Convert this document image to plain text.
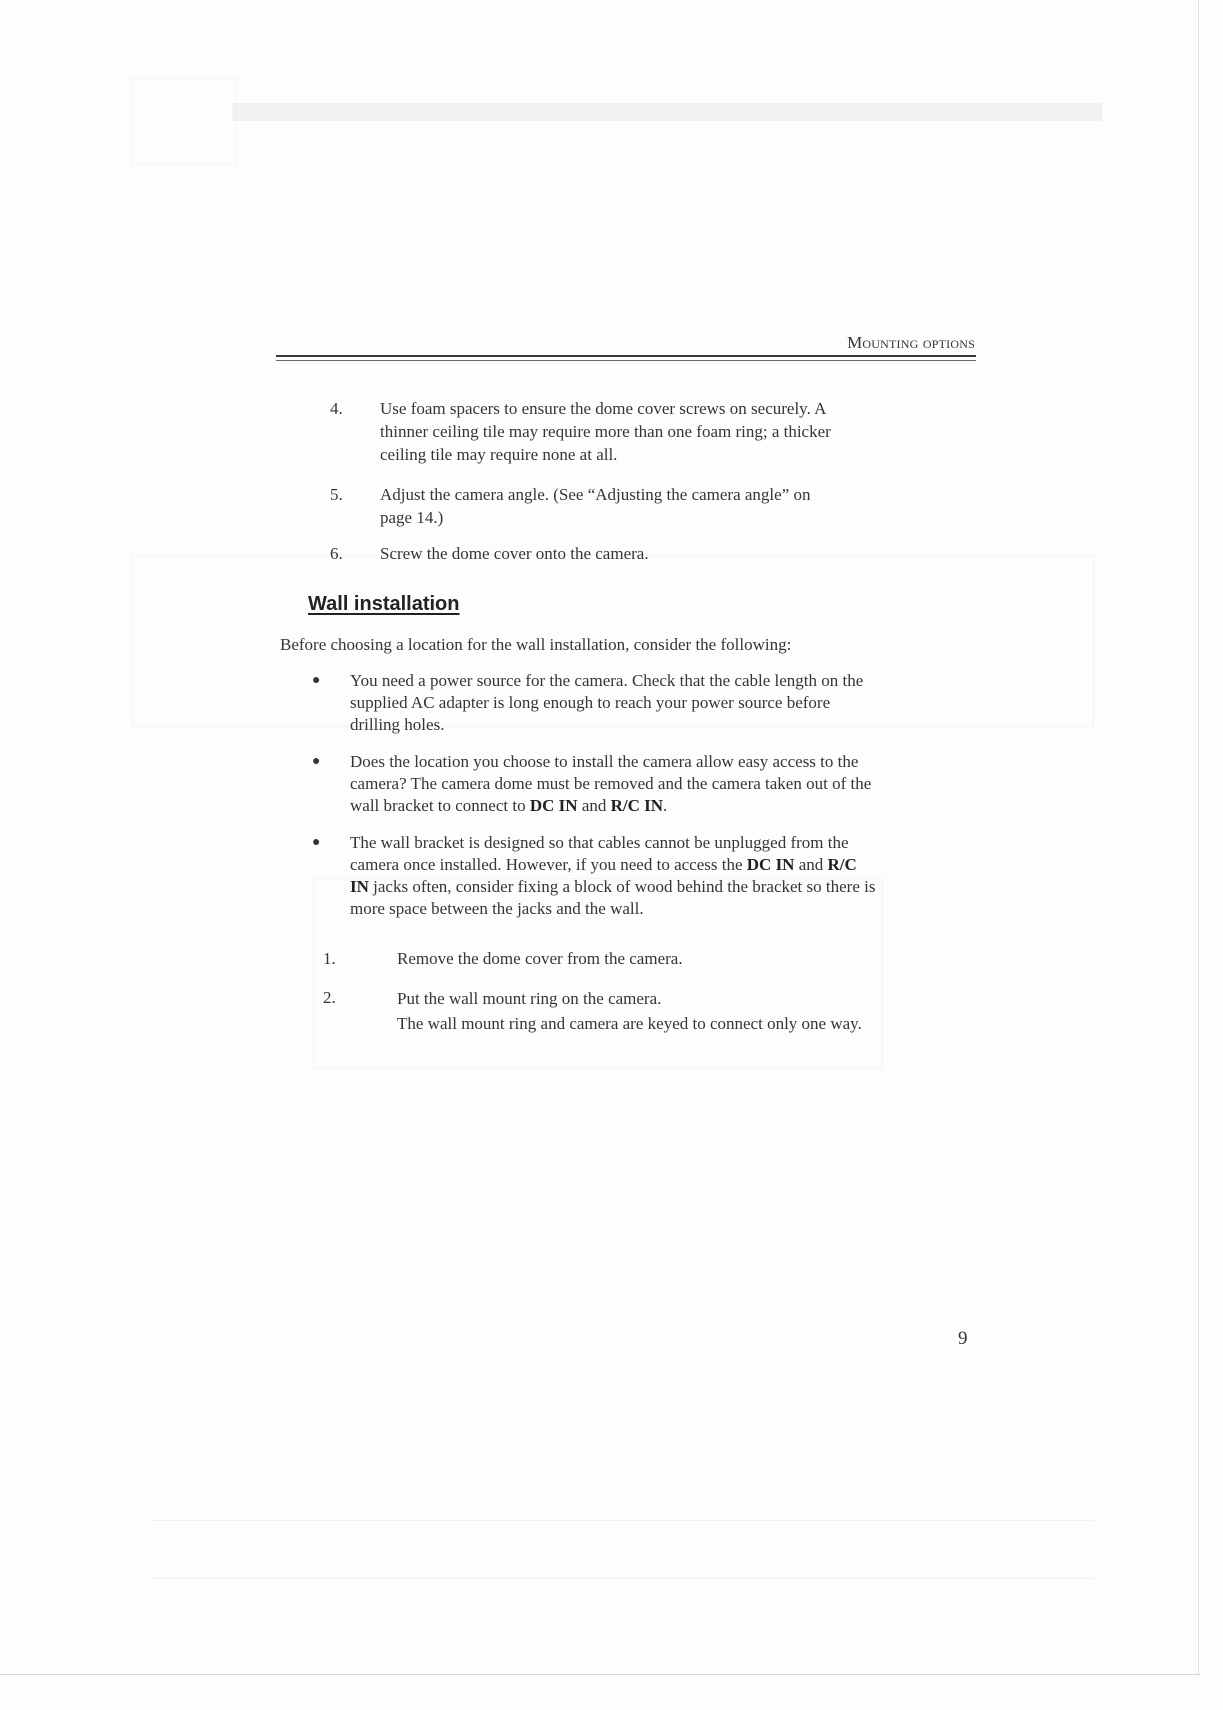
Mounting options
4.	Use foam spacers to ensure the dome cover screws on securely. A
thinner ceiling tile may require more than one foam ring; a thicker
ceiling tile may require none at all.
5.	Adjust the camera angle. (See “Adjusting the camera angle” on
page 14.)
6.	Screw the dome cover onto the camera.
Wall installation
Before choosing a location for the wall installation, consider the following:
● You need a power source for the camera. Check that the cable length on the
supplied AC adapter is long enough to reach your power source before
drilling holes.
● Does the location you choose to install the camera allow easy access to the
camera? The camera dome must be removed and the camera taken out of the
wall bracket to connect to DC IN and R/C IN.
● The wall bracket is designed so that cables cannot be unplugged from the
camera once installed. However, if you need to access the DC IN and R/C
IN jacks often, consider fixing a block of wood behind the bracket so there is
more space between the jacks and the wall.
1.	Remove the dome cover from the camera.
2.	Put the wall mount ring on the camera.
The wall mount ring and camera are keyed to connect only one way.
9
